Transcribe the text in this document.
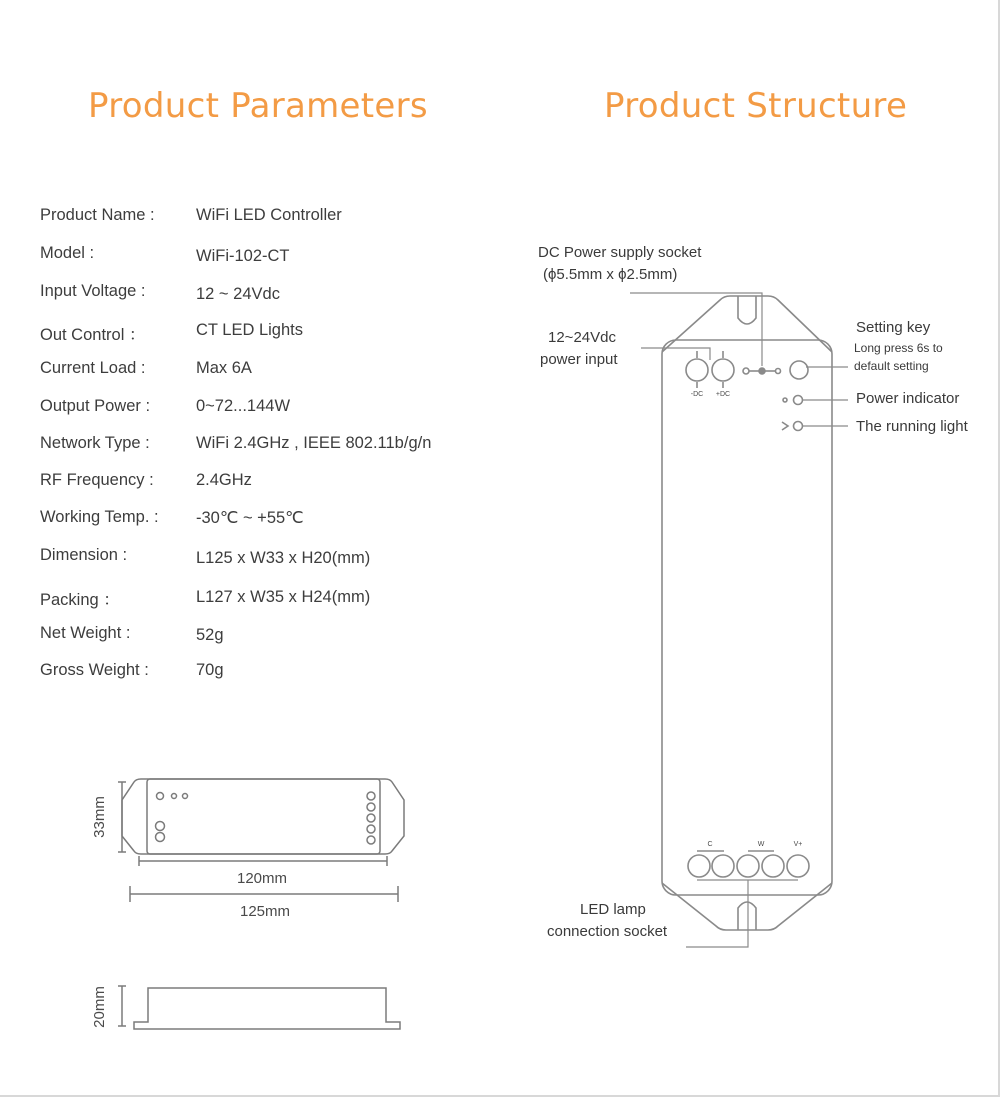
Product Parameters	Product Structure
Product Name :	WiFi LED Controller
Model :	WiFi-102-CT
Input Voltage :	12 ~ 24Vdc
Out Control ：	CT LED Lights
Current Load :	Max 6A
Output Power :	0~72...144W
Network Type :	WiFi 2.4GHz , IEEE 802.11b/g/n
RF Frequency :	2.4GHz
Working Temp. : -30℃ ~ +55℃
Dimension :	L125 x W33 x H20(mm)
Packing ：	L127 x W35 x H24(mm)
Net Weight :	52g
Gross Weight :	70g
120mm
125mm
33mm
20mm
-DC +DC
C	W	V+
DC Power supply socket
(ϕ5.5mm x ϕ2.5mm)
12~24Vdc
power input
Setting key
Long press 6s to
default setting
Power indicator
The running light
LED lamp
connection socket
